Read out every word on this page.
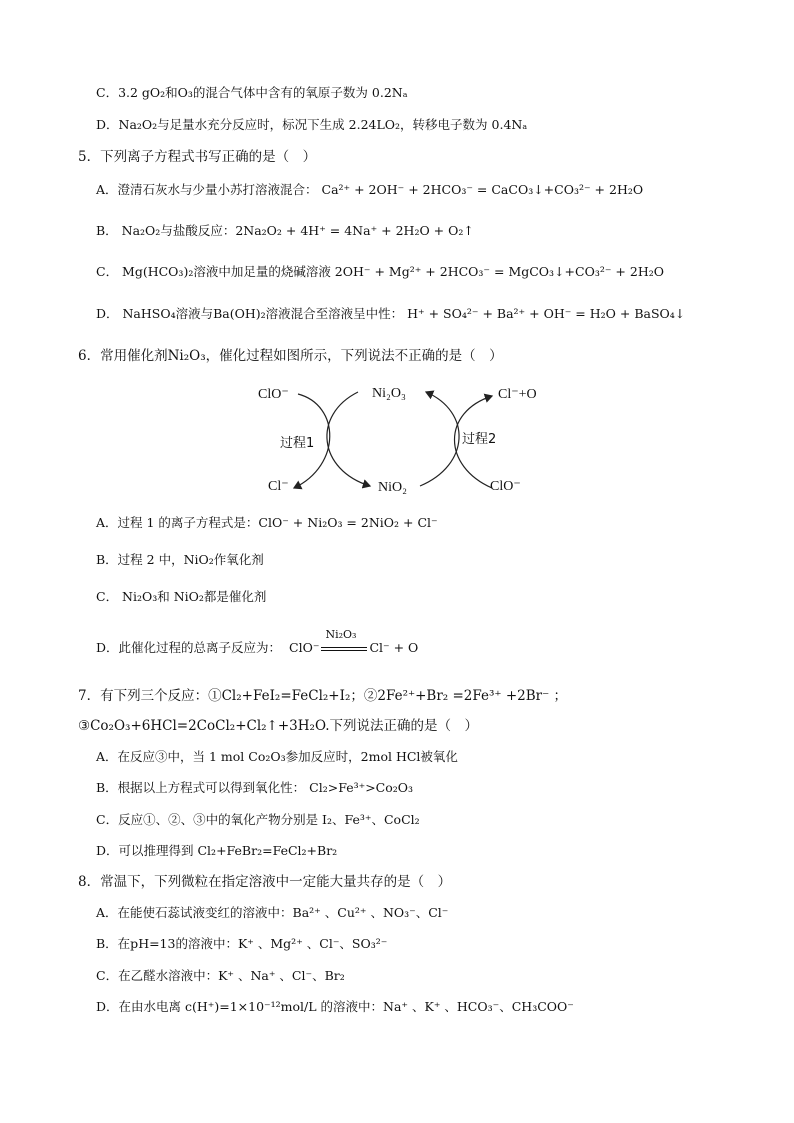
C．3.2 gO₂和O₃的混合气体中含有的氧原子数为 0.2Nₐ
D．Na₂O₂与足量水充分反应时，标况下生成 2.24LO₂，转移电子数为 0.4Nₐ
5．下列离子方程式书写正确的是（　）
A．澄清石灰水与少量小苏打溶液混合： Ca²⁺ + 2OH⁻ + 2HCO₃⁻ = CaCO₃↓+CO₃²⁻ + 2H₂O
B． Na₂O₂与盐酸反应：2Na₂O₂ + 4H⁺ = 4Na⁺ + 2H₂O + O₂↑
C． Mg(HCO₃)₂溶液中加足量的烧碱溶液 2OH⁻ + Mg²⁺ + 2HCO₃⁻ = MgCO₃↓+CO₃²⁻ + 2H₂O
D． NaHSO₄溶液与Ba(OH)₂溶液混合至溶液呈中性： H⁺ + SO₄²⁻ + Ba²⁺ + OH⁻ = H₂O + BaSO₄↓
6．常用催化剂Ni₂O₃，催化过程如图所示，下列说法不正确的是（　）
ClO⁻	Ni₂O₃	Cl⁻+O
过程1	过程2
Cl⁻	NiO₂	ClO⁻
A．过程 1 的离子方程式是：ClO⁻ + Ni₂O₃ = 2NiO₂ + Cl⁻
B．过程 2 中，NiO₂作氧化剂
C． Ni₂O₃和 NiO₂都是催化剂
D．此催化过程的总离子反应为： ClO⁻
Ni₂O₃
Cl⁻ + O
7．有下列三个反应：①Cl₂+FeI₂=FeCl₂+I₂；②2Fe²⁺+Br₂ =2Fe³⁺ +2Br⁻ ；
③Co₂O₃+6HCl=2CoCl₂+Cl₂↑+3H₂O.下列说法正确的是（　）
A．在反应③中，当 1 mol Co₂O₃参加反应时，2mol HCl被氧化
B．根据以上方程式可以得到氧化性： Cl₂>Fe³⁺>Co₂O₃
C．反应①、②、③中的氧化产物分别是 I₂、Fe³⁺、CoCl₂
D．可以推理得到 Cl₂+FeBr₂=FeCl₂+Br₂
8．常温下，下列微粒在指定溶液中一定能大量共存的是（　）
A．在能使石蕊试液变红的溶液中：Ba²⁺ 、Cu²⁺ 、NO₃⁻、Cl⁻
B．在pH=13的溶液中：K⁺ 、Mg²⁺ 、Cl⁻、SO₃²⁻
C．在乙醛水溶液中：K⁺ 、Na⁺ 、Cl⁻、Br₂
D．在由水电离 c(H⁺)=1×10⁻¹²mol/L 的溶液中：Na⁺ 、K⁺ 、HCO₃⁻、CH₃COO⁻
